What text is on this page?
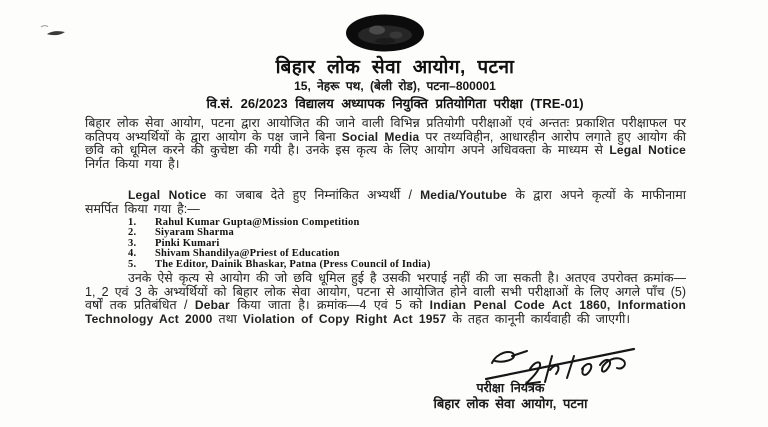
बिहार लोक सेवा आयोग, पटना
15, नेहरू पथ, (बेली रोड), पटना–800001
वि.सं. 26/2023 विद्यालय अध्यापक नियुक्ति प्रतियोगिता परीक्षा (TRE-01)

बिहार लोक सेवा आयोग, पटना द्वारा आयोजित की जाने वाली विभिन्न प्रतियोगी परीक्षाओं एवं अन्ततः प्रकाशित परीक्षाफल पर कतिपय अभ्यर्थियों के द्वारा आयोग के पक्ष जाने बिना Social Media पर तथ्यविहीन, आधारहीन आरोप लगाते हुए आयोग की छवि को धूमिल करने की कुचेष्टा की गयी है। उनके इस कृत्य के लिए आयोग अपने अधिवक्ता के माध्यम से Legal Notice निर्गत किया गया है।

Legal Notice का जबाब देते हुए निम्नांकित अभ्यर्थी / Media/Youtube के द्वारा अपने कृत्यों के माफीनामा समर्पित किया गया है:—

1.	Rahul Kumar Gupta@Mission Competition
2.	Siyaram Sharma
3.	Pinki Kumari
4.	Shivam Shandilya@Priest of Education
5.	The Editor, Dainik Bhaskar, Patna (Press Council of India)

उनके ऐसे कृत्य से आयोग की जो छवि धूमिल हुई है उसकी भरपाई नहीं की जा सकती है। अतएव उपरोक्त क्रमांक—1, 2 एवं 3 के अभ्यर्थियों को बिहार लोक सेवा आयोग, पटना से आयोजित होने वाली सभी परीक्षाओं के लिए अगले पाँच (5) वर्षों तक प्रतिबंधित / Debar किया जाता है। क्रमांक—4 एवं 5 को Indian Penal Code Act 1860, Information Technology Act 2000 तथा Violation of Copy Right Act 1957 के तहत कानूनी कार्यवाही की जाएगी।

परीक्षा नियंत्रक
बिहार लोक सेवा आयोग, पटना
